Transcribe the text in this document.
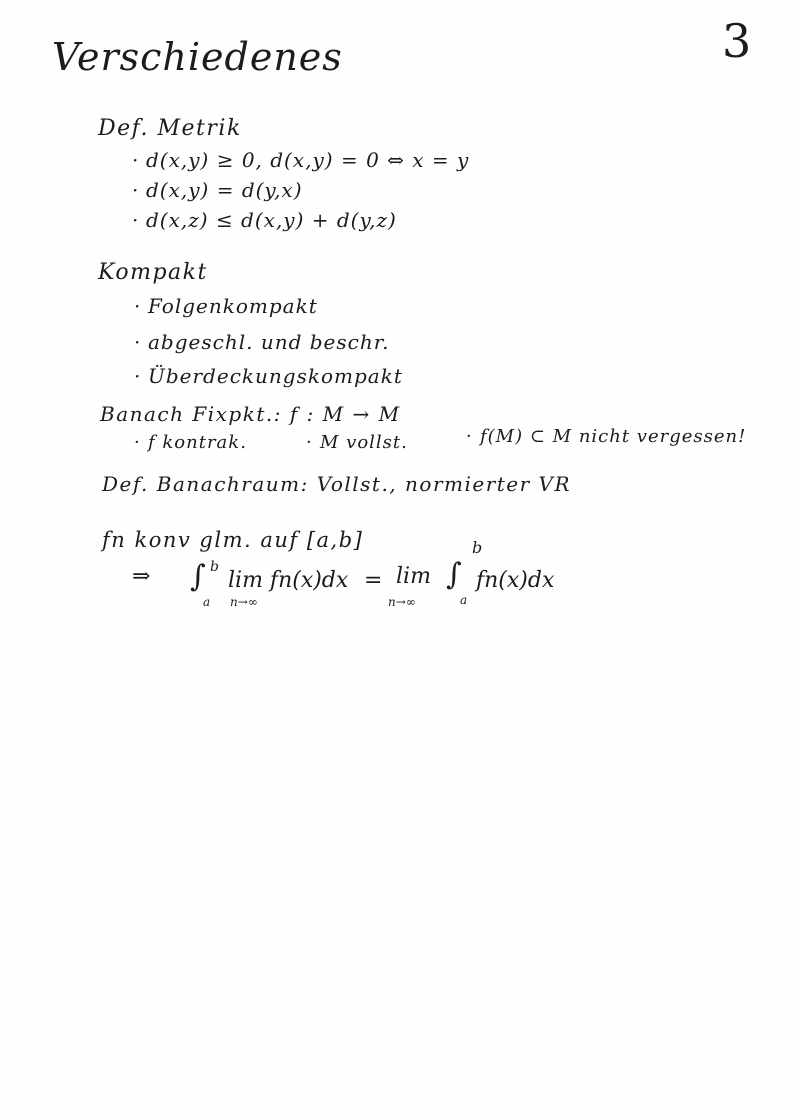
Verschiedenes	3
Def. Metrik
· d(x,y) ≥ 0, d(x,y) = 0 ⇔ x = y
· d(x,y) = d(y,x)
· d(x,z) ≤ d(x,y) + d(y,z)
Kompakt
· Folgenkompakt
· abgeschl. und beschr.
· Überdeckungskompakt
Banach Fixpkt.: f : M → M
· f kontrak.	· M vollst.	· f(M) ⊂ M nicht vergessen!
Def. Banachraum: Vollst., normierter VR
fn konv glm. auf [a,b]
⇒ ∫
a
b
lim fn(x)dx
n→∞
= lim
n→∞
∫
a
b
fn(x)dx
